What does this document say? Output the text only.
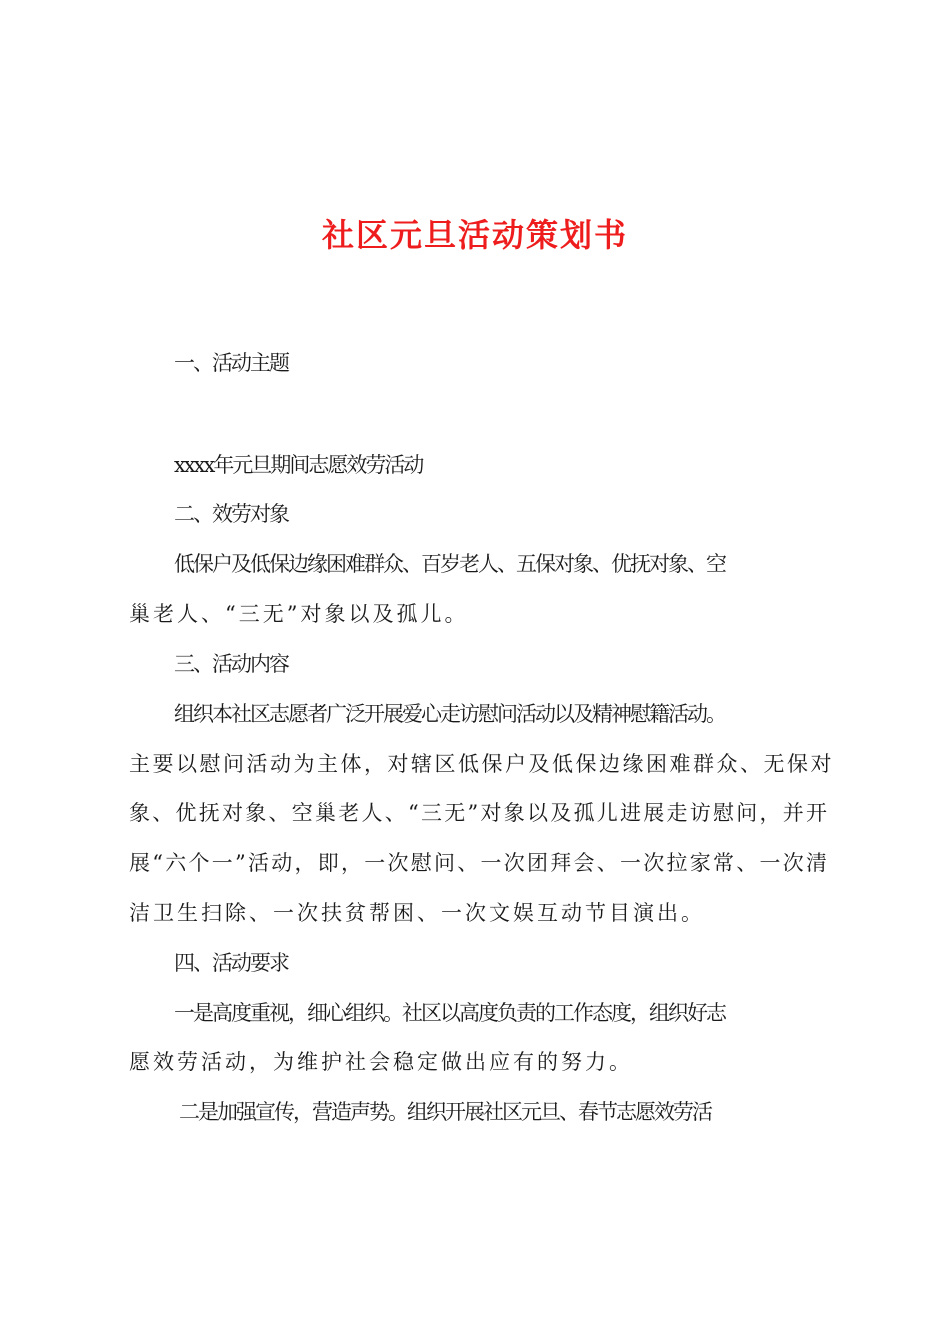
社区元旦活动策划书

一、活动主题

xxxx年元旦期间志愿效劳活动

二、效劳对象

低保户及低保边缘困难群众、百岁老人、五保对象、优抚对象、空

巢老人、“三无”对象以及孤儿。

三、活动内容

组织本社区志愿者广泛开展爱心走访慰问活动以及精神慰籍活动。

主要以慰问活动为主体，对辖区低保户及低保边缘困难群众、无保对

象、优抚对象、空巢老人、“三无”对象以及孤儿进展走访慰问，并开

展“六个一”活动，即，一次慰问、一次团拜会、一次拉家常、一次清

洁卫生扫除、一次扶贫帮困、一次文娱互动节目演出。

四、活动要求

一是高度重视，细心组织。社区以高度负责的工作态度，组织好志

愿效劳活动，为维护社会稳定做出应有的努力。

二是加强宣传，营造声势。组织开展社区元旦、春节志愿效劳活
